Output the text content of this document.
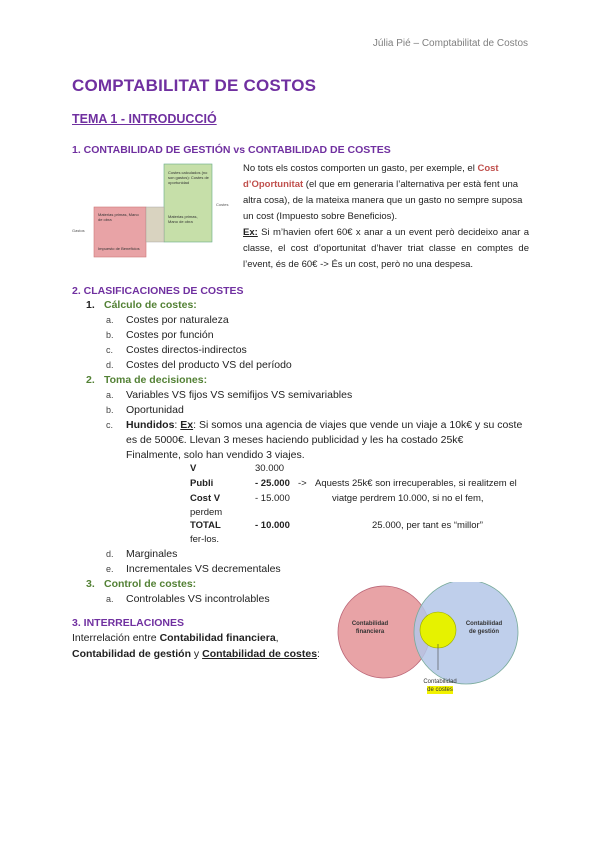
Júlia Pié – Comptabilitat de Costos
COMPTABILITAT DE COSTOS
TEMA 1 - INTRODUCCIÓ
1. CONTABILIDAD DE GESTIÓN vs CONTABILIDAD DE COSTES
Gastos
Costes
Costes calculados (no son gastos): Costes de oportunidad
Materias primas, Mano de obra
Materias primas, Mano de obra
Impuesto de Beneficios
No tots els costos comporten un gasto, per exemple, el Cost d’Oportunitat (el que em generaria l’alternativa per està fent una altra cosa), de la mateixa manera que un gasto no sempre suposa un cost (Impuesto sobre Beneficios).
Ex: Si m’havien ofert 60€ x anar a un event però decideixo anar a classe, el cost d’oportunitat d’haver triat classe en comptes de l’event, és de 60€ -> És un cost, però no una despesa.
2. CLASIFICACIONES DE COSTES
1. Cálculo de costes:
a. Costes por naturaleza
b. Costes por función
c. Costes directos-indirectos
d. Costes del producto VS del período
2. Toma de decisiones:
a. Variables VS fijos VS semifijos VS semivariables
b. Oportunidad
c. Hundidos: Ex: Si somos una agencia de viajes que vende un viaje a 10k€ y su coste
es de 5000€. Llevan 3 meses haciendo publicidad y les ha costado 25k€
Finalmente, solo han vendido 3 viajes.
V	30.000
Publi	- 25.000 -> Aquests 25k€ son irrecuperables, si realitzem el
Cost V	- 15.000	viatge perdrem 10.000, si no el fem,
perdem
TOTAL	- 10.000	25.000, per tant es “millor”
fer-los.
d. Marginales
e. Incrementales VS decrementales
3. Control de costes:
a. Controlables VS incontrolables
3. INTERRELACIONES
Interrelación entre Contabilidad financiera,
Contabilidad de gestión y Contabilidad de costes:
Contabilidad financiera
Contabilidad de gestión
Contabilidad
de costes
